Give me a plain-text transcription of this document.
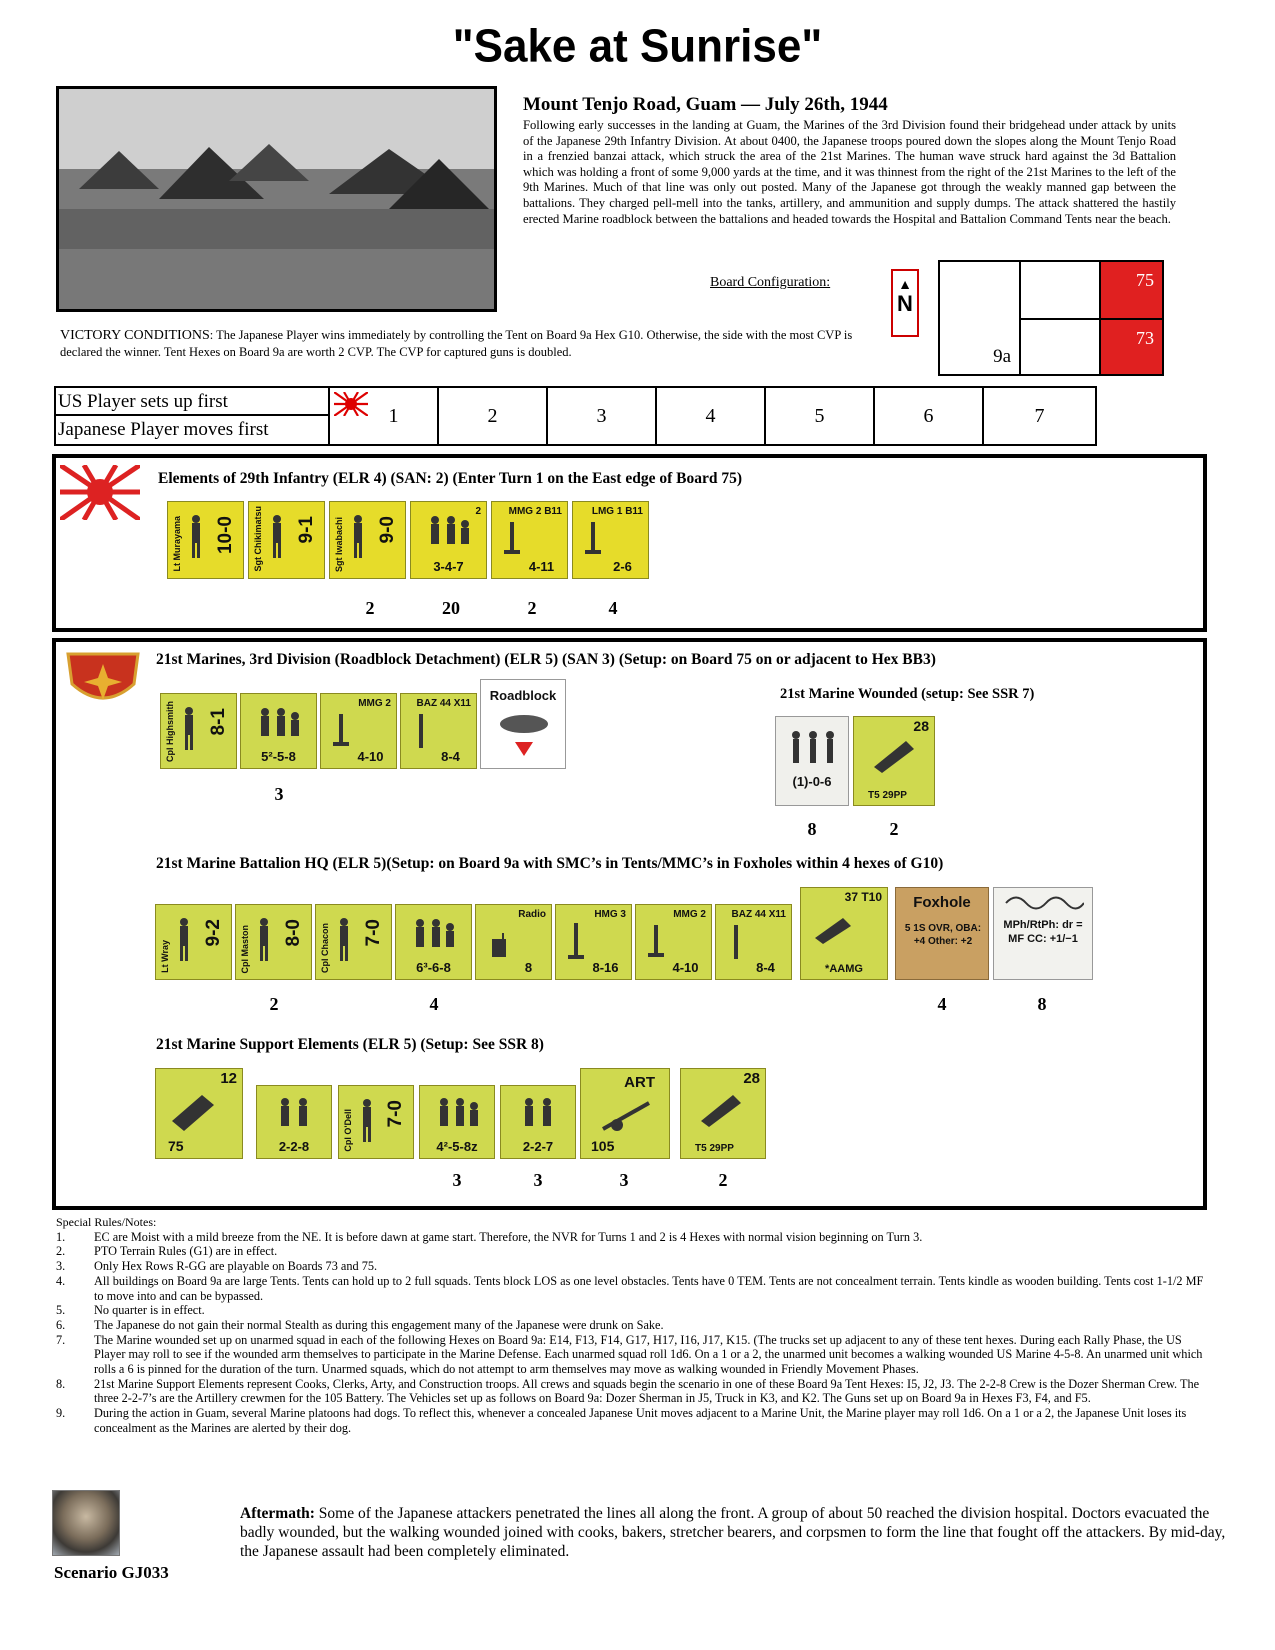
"Sake at Sunrise"
Mount Tenjo Road, Guam — July 26th, 1944
Following early successes in the landing at Guam, the Marines of the 3rd Division found their bridgehead under attack by units of the Japanese 29th Infantry Division. At about 0400, the Japanese troops poured down the slopes along the Mount Tenjo Road in a frenzied banzai attack, which struck the area of the 21st Marines. The human wave struck hard against the 3d Battalion which was holding a front of some 9,000 yards at the time, and it was thinnest from the right of the 21st Marines to the left of the 9th Marines. Much of that line was only out posted. Many of the Japanese got through the weakly manned gap between the battalions. They charged pell-mell into the tanks, artillery, and ammunition and supply dumps. The attack shattered the hastily erected Marine roadblock between the battalions and headed towards the Hospital and Battalion Command Tents near the beach.
Board Configuration:	▲
N
9a
75
73
VICTORY CONDITIONS: The Japanese Player wins immediately by controlling the Tent on Board 9a Hex G10. Otherwise, the side with the most CVP is declared the winner. Tent Hexes on Board 9a are worth 2 CVP. The CVP for captured guns is doubled.
US Player sets up first
Japanese Player moves first
1	2	3	4	5	6	7
Elements of 29th Infantry (ELR 4) (SAN: 2) (Enter Turn 1 on the East edge of Board 75)
Lt Murayama 10-0 Sgt Chikimatsu 9-1 Sgt Iwabachi 9-0
2
3-4-7
MMG 2 B11
4-11
LMG 1 B11
2-6
2	20	2	4
21st Marines, 3rd Division (Roadblock Detachment) (ELR 5) (SAN 3) (Setup: on Board 75 on or adjacent to Hex BB3)
Cpl Highsmith 8-1
5²-5-8
MMG 2
4-10
BAZ 44 X11
8-4
Roadblock
3
21st Marine Wounded (setup: See SSR 7)
(1)-0-6
28
T5 29PP
8	2
21st Marine Battalion HQ (ELR 5)(Setup: on Board 9a with SMC’s in Tents/MMC’s in Foxholes within 4 hexes of G10)
Lt Wray
9-2 Cpl Maston 8-0 Cpl Chacon 7-0
6³-6-8
Radio
8
HMG 3
8-16
MMG 2
4-10
BAZ 44 X11
8-4
37 T10
*AAMG
Foxhole
5 1S OVR, OBA: +4 Other: +2
MPh/RtPh: dr = MF CC: +1/−1
2	4	4	8
21st Marine Support Elements (ELR 5) (Setup: See SSR 8)
12
75	2-2-8	Cpl O'Dell 7-0
4²-5-8z	2-2-7
ART
105
28
T5 29PP
3	3	3	2
Special Rules/Notes:
1. EC are Moist with a mild breeze from the NE. It is before dawn at game start. Therefore, the NVR for Turns 1 and 2 is 4 Hexes with normal vision beginning on Turn 3.
2. PTO Terrain Rules (G1) are in effect.
3. Only Hex Rows R-GG are playable on Boards 73 and 75.
4. All buildings on Board 9a are large Tents. Tents can hold up to 2 full squads. Tents block LOS as one level obstacles. Tents have 0 TEM. Tents are not concealment terrain. Tents kindle as wooden building. Tents cost 1-1/2 MF to move into and can be bypassed.
5. No quarter is in effect.
6. The Japanese do not gain their normal Stealth as during this engagement many of the Japanese were drunk on Sake.
7. The Marine wounded set up on unarmed squad in each of the following Hexes on Board 9a: E14, F13, F14, G17, H17, I16, J17, K15. (The trucks set up adjacent to any of these tent hexes. During each Rally Phase, the US Player may roll to see if the wounded arm themselves to participate in the Marine Defense. Each unarmed squad roll 1d6. On a 1 or a 2, the unarmed unit becomes a walking wounded US Marine 4-5-8. An unarmed unit which rolls a 6 is pinned for the duration of the turn. Unarmed squads, which do not attempt to arm themselves may move as walking wounded in Friendly Movement Phases.
8. 21st Marine Support Elements represent Cooks, Clerks, Arty, and Construction troops. All crews and squads begin the scenario in one of these Board 9a Tent Hexes: I5, J2, J3. The 2-2-8 Crew is the Dozer Sherman Crew. The three 2-2-7’s are the Artillery crewmen for the 105 Battery. The Vehicles set up as follows on Board 9a: Dozer Sherman in J5, Truck in K3, and K2. The Guns set up on Board 9a in Hexes F3, F4, and F5.
9. During the action in Guam, several Marine platoons had dogs. To reflect this, whenever a concealed Japanese Unit moves adjacent to a Marine Unit, the Marine player may roll 1d6. On a 1 or a 2, the Japanese Unit loses its concealment as the Marines are alerted by their dog.
Aftermath: Some of the Japanese attackers penetrated the lines all along the front. A group of about 50 reached the division hospital. Doctors evacuated the badly wounded, but the walking wounded joined with cooks, bakers, stretcher bearers, and corpsmen to form the line that fought off the attackers. By mid-day, the Japanese assault had been completely eliminated.
Scenario GJ033
